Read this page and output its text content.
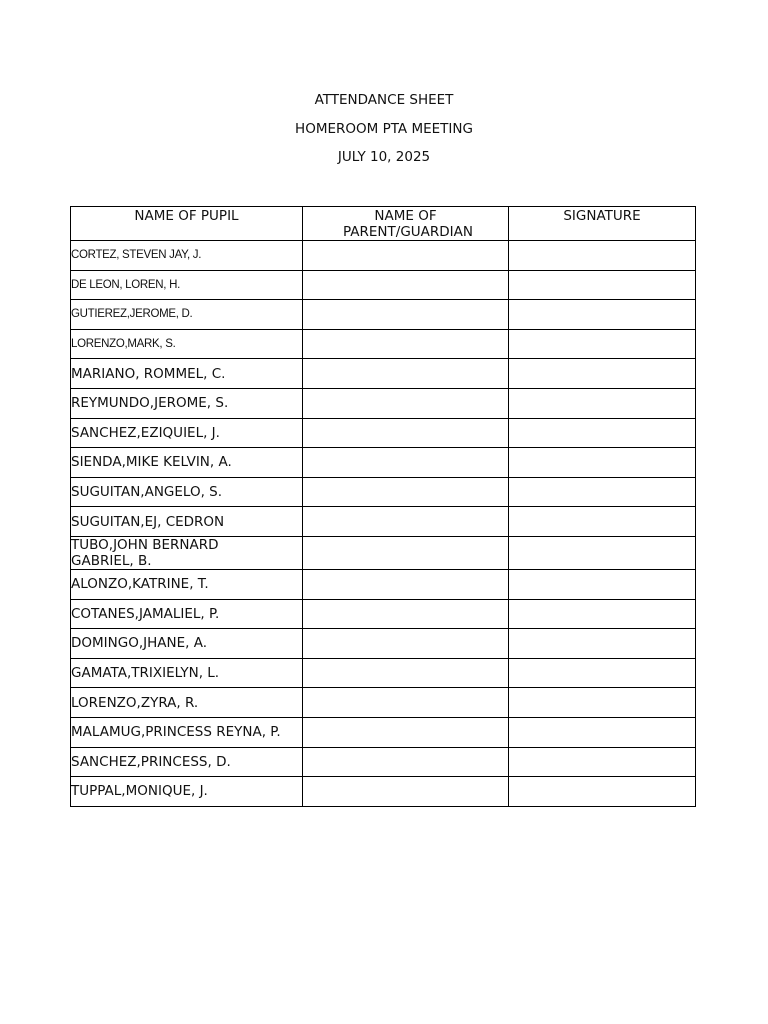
ATTENDANCE SHEET
HOMEROOM PTA MEETING
JULY 10, 2025
NAME OF PUPIL	NAME OF PARENT/GUARDIAN	SIGNATURE
CORTEZ, STEVEN JAY, J.		
DE LEON, LOREN, H.		
GUTIEREZ,JEROME, D.		
LORENZO,MARK, S.		
MARIANO, ROMMEL, C.		
REYMUNDO,JEROME, S.		
SANCHEZ,EZIQUIEL, J.		
SIENDA,MIKE KELVIN, A.		
SUGUITAN,ANGELO, S.		
SUGUITAN,EJ, CEDRON		
TUBO,JOHN BERNARD GABRIEL, B.		
ALONZO,KATRINE, T.		
COTANES,JAMALIEL, P.		
DOMINGO,JHANE, A.		
GAMATA,TRIXIELYN, L.		
LORENZO,ZYRA, R.		
MALAMUG,PRINCESS REYNA, P.		
SANCHEZ,PRINCESS, D.		
TUPPAL,MONIQUE, J.		
